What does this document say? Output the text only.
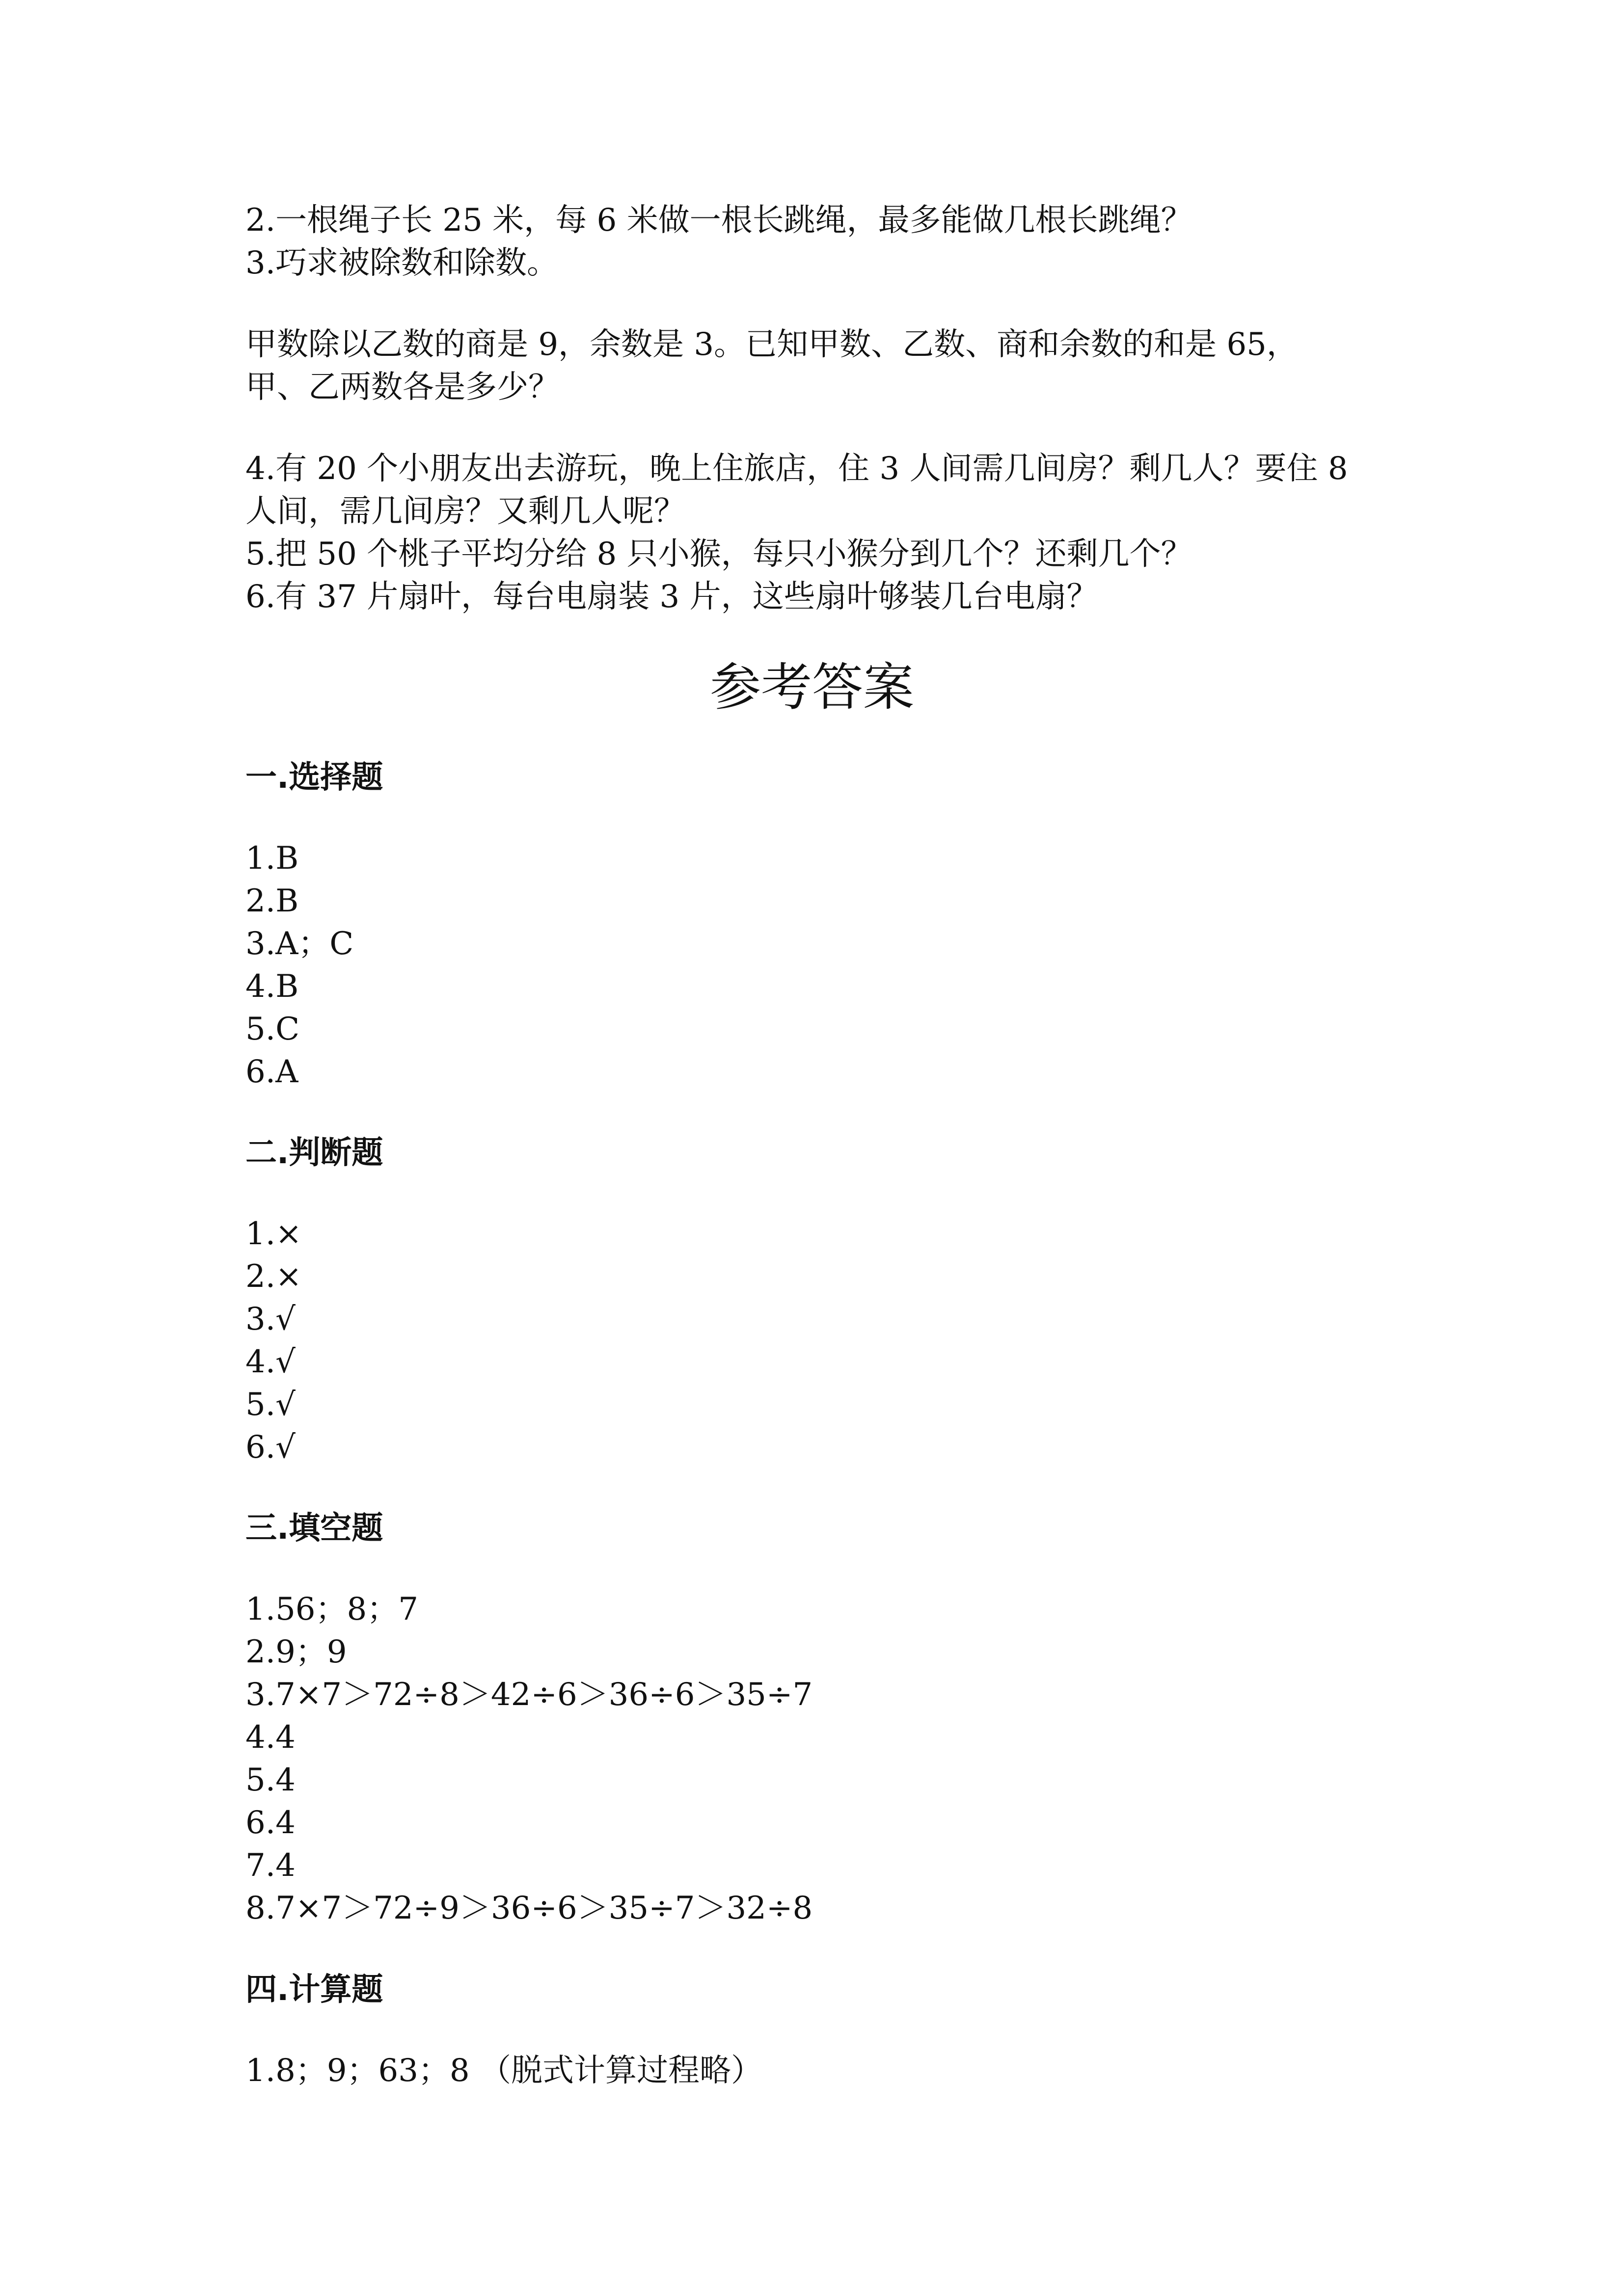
2.一根绳子长 25 米，每 6 米做一根长跳绳，最多能做几根长跳绳？
3.巧求被除数和除数。
甲数除以乙数的商是 9，余数是 3。已知甲数、乙数、商和余数的和是 65，
甲、乙两数各是多少？
4.有 20 个小朋友出去游玩，晚上住旅店，住 3 人间需几间房？剩几人？要住 8
人间，需几间房？又剩几人呢？
5.把 50 个桃子平均分给 8 只小猴，每只小猴分到几个？还剩几个？
6.有 37 片扇叶，每台电扇装 3 片，这些扇叶够装几台电扇？
参考答案
一.选择题
1.B
2.B
3.A；C
4.B
5.C
6.A
二.判断题
1.×
2.×
3.√
4.√
5.√
6.√
三.填空题
1.56；8；7
2.9；9
3.7×7＞72÷8＞42÷6＞36÷6＞35÷7
4.4
5.4
6.4
7.4
8.7×7＞72÷9＞36÷6＞35÷7＞32÷8
四.计算题
1.8；9；63；8 （脱式计算过程略）
